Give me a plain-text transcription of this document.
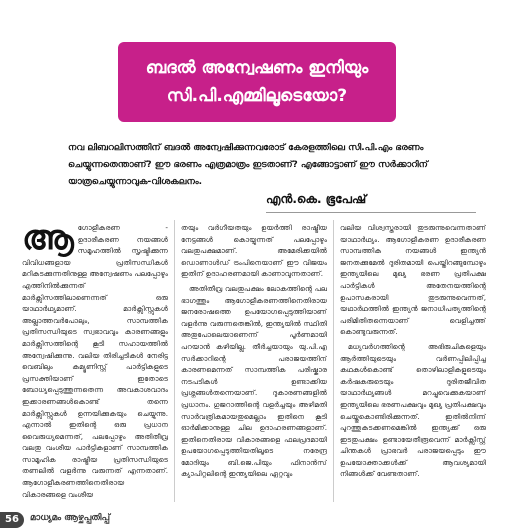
ബദൽ അന്വേഷണം ഇനിയും
സി.പി.എമ്മിലൂടെയോ?
നവ ലിബറലിസത്തിന് ബദൽ അന്വേഷിക്കുന്നവരോട് കേരളത്തിലെ സി.പി.എം ഭരണം ചെയ്യുന്നതെന്താണ്? ഈ ഭരണം എത്രമാത്രം ഇടതാണ്? എങ്ങോട്ടാണ് ഈ സർക്കാറിന് യാത്രചെയ്യുന്നാവുക-വിശകലനം.
എൻ.കെ. ഭൂപേഷ്
ആ ഗോളീകരണ - ഉദാരീകരണ നയങ്ങൾ സമൂഹത്തിൽ സൃഷ്ടിക്കുന്ന വിവിധങ്ങളായ പ്രതിസന്ധികൾ മറികടക്കുന്നതിനുള്ള അന്വേഷണം പലപ്പോഴും എത്തിനിൽക്കുന്നത് മാർക്സിസത്തിലാണെന്നത് ഒരു യാഥാർഥ്യമാണ്. മാർക്സിസ്റ്റുകൾ അല്ലാത്തവർപോലും, സാമ്പത്തിക പ്രതിസന്ധിയുടെ സ്വഭാവവും കാരണങ്ങളും മാർക്സിസത്തിന്റെ കൂടി സഹായത്തിൽ അന്വേഷിക്കുന്നു. വലിയ തിരിച്ചടികൾ നേരിട്ട വെബിലും കമ്യൂണിസ്റ്റ് പാർട്ടികളുടെ പ്രസക്തിയാണ് ഇതോടെ ബോധ്യപ്പെടുത്തുന്നതെന്ന അവകാശവാദം ഇക്കാരണങ്ങൾകൊണ്ട് തന്നെ മാർക്സിസ്റ്റുകൾ ഉന്നയിക്കുകയും ചെയ്യുന്നു. എന്നാൽ ഇതിന്റെ ഒരു പ്രധാന വൈരുധ്യമെന്നത്, പലപ്പോഴും അതിതീവ്ര വലതു വംശീയ പാർട്ടികളാണ് സാമ്പത്തിക സാമൂഹിക രാഷ്ട്രീയ പ്രതിസന്ധിയുടെ തണലിൽ വളർന്നു വരുന്നത് എന്നതാണ്. ആഗോളീകരണത്തിനെതിരായ വികാരങ്ങളെ വംശീയ

തയും വർഗീയതയും ഉയർത്തി രാഷ്ട്രീയ നേട്ടങ്ങൾ കൊയ്യുന്നത് പലപ്പോഴും വലതുപക്ഷമാണ്. അമേരിക്കയിൽ ഡൊണാൾഡ് ട്രംപിനെയാണ് ഈ വിജയം ഇതിന് ഉദാഹരണമായി കാണാവുന്നതാണ്.

അതിതീവ്ര വലതുപക്ഷം ലോകത്തിന്റെ പല ഭാഗത്തും ആഗോളീകരണത്തിനെതിരായ ജനരോഷത്തെ ഉപയോഗപ്പെടുത്തിയാണ് വളർന്നു വരുന്നതെങ്കിൽ, ഇന്ത്യയിൽ സ്ഥിതി അതുപോലെയാണെന്ന് പൂർണമായി പറയാൻ കഴിയില്ല. തീർച്ചയായും യു.പി.എ സർക്കാറിന്റെ പരാജയത്തിന് കാരണമെന്നത് സാമ്പത്തിക പരിഷ്കാര നടപടികൾ ഉണ്ടാക്കിയ പ്രശ്നങ്ങൾതന്നെയാണ്. ദുകാരണങ്ങളിൽ പ്രധാനം. ഗുജറാത്തിന്റെ വളർച്ചയും അഴിമതി സാർവത്രികമായതുമെല്ലാം ഇതിനെ കൂടി ഓർമിക്കാനുള്ള ചില ഉദാഹരണങ്ങളാണ്. ഇതിനെതിരായ വികാരങ്ങളെ ഫലപ്രദമായി ഉപയോഗപ്പെടുത്തിയതിലൂടെ നരേന്ദ്ര മോദിയും ബി.ജെ.പിയും ഫിനാൻസ് ക്യാപിറ്റലിന്റെ ഇന്ത്യയിലെ ഏറ്റവും

വലിയ വിശ്വസ്തരായി തുടരുന്നുവെന്നതാണ് യാഥാർഥ്യം. ആഗോളീകരണ ഉദാരീകരണ സാമ്പത്തിക നയങ്ങൾ ഇന്ത്യൻ ജനതക്കുമേൽ ദുരിതമായി പെയ്തിറങ്ങുമ്പോഴും ഇന്ത്യയിലെ മുഖ്യ ഭരണ പ്രതിപക്ഷ പാർട്ടികൾ അതേനയത്തിന്റെ ഉപാസകരായി തുടരുന്നുവെന്നത്, യഥാർഥത്തിൽ ഇന്ത്യൻ ജനാധിപത്യത്തിന്റെ പരിമിതിതന്നെയാണ് വെളിച്ചത്ത് കൊണ്ടുവരുന്നത്.

മധ്യവർഗത്തിന്റെ അഭിരുചികളെയും ആർത്തിയുടെയും വർണപ്പിലിപ്പിച്ച കഥകൾകൊണ്ട് തൊഴിലാളികളുടെയും കർഷകരുടെയും ദുരിതജീവിത യാഥാർഥ്യങ്ങൾ മറച്ചുവെക്കുകയാണ് ഇന്ത്യയിലെ ഭരണപക്ഷവും മുഖ്യ പ്രതിപക്ഷവും ചെയ്തുകൊണ്ടിരിക്കുന്നത്. ഇതിൽനിന്ന് പുറത്തുകടക്കണമെങ്കിൽ ഇന്ത്യക്ക് ഒരു ഇടതുപക്ഷം ഉണ്ടായേതീരൂവെന്ന് മാർക്സിസ്റ്റ് ചിന്തകൾ പ്രാഭവർ പരാജയപ്പെടും ഈ ഉപയോക്താക്കൾക്ക് ആവശ്യമായി നിങ്ങൾക്ക് വേണ്ടതാണ്.

56	മാധ്യമം ആഴ്ചപ്പതിപ്പ്
